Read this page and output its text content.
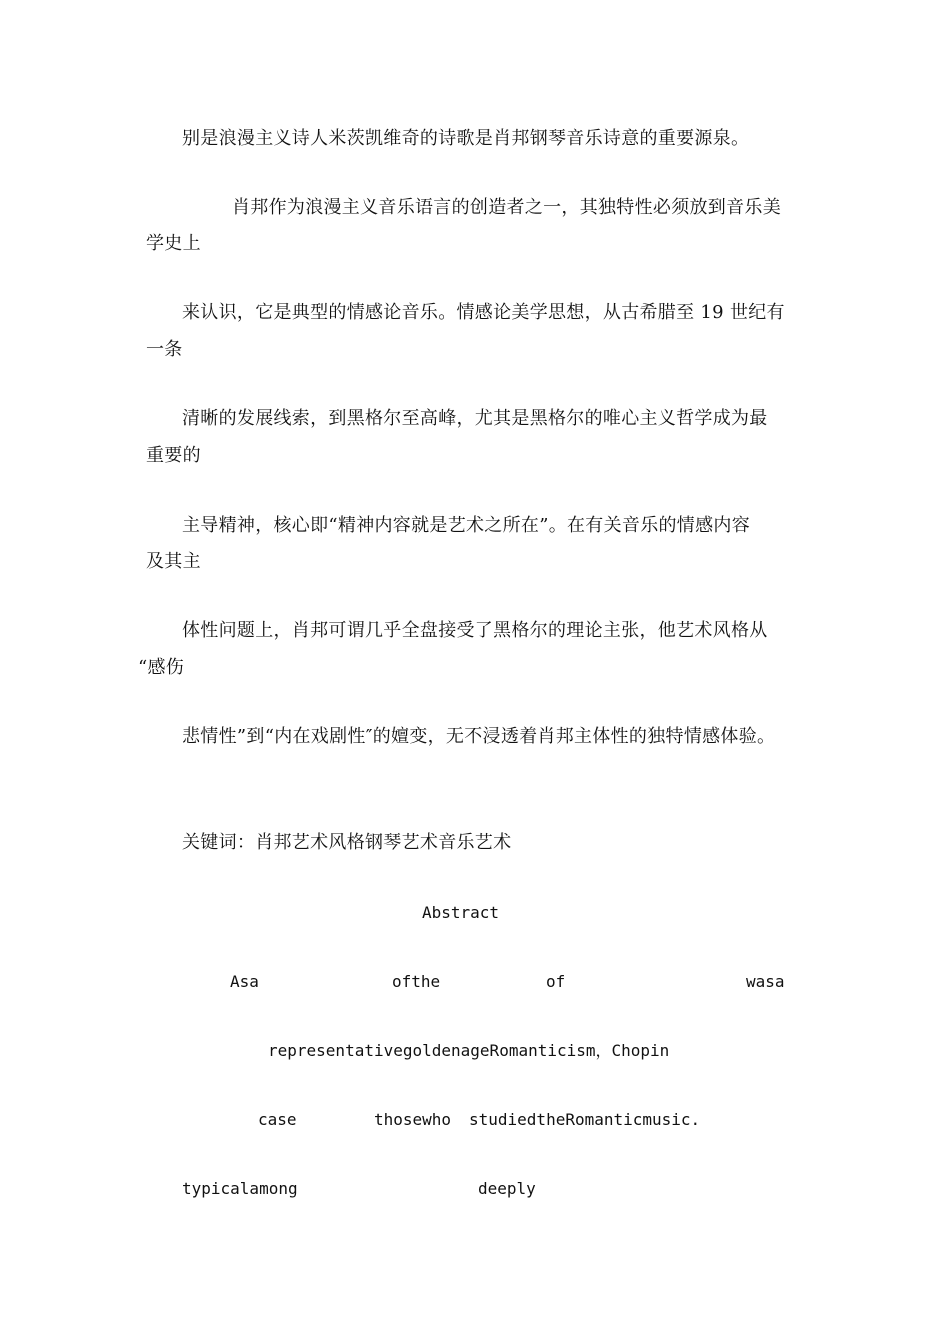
别是浪漫主义诗人米茨凯维奇的诗歌是肖邦钢琴音乐诗意的重要源泉。
肖邦作为浪漫主义音乐语言的创造者之一，其独特性必须放到音乐美
学史上
来认识，它是典型的情感论音乐。情感论美学思想，从古希腊至 19 世纪有
一条
清晰的发展线索，到黑格尔至高峰，尤其是黑格尔的唯心主义哲学成为最
重要的
主导精神，核心即“精神内容就是艺术之所在”。在有关音乐的情感内容
及其主
体性问题上，肖邦可谓几乎全盘接受了黑格尔的理论主张，他艺术风格从
“感伤
悲情性”到“内在戏剧性″的嬗变，无不浸透着肖邦主体性的独特情感体验。
关键词：肖邦艺术风格钢琴艺术音乐艺术
Abstract
Asa	ofthe	of	wasa
representativegoldenageRomanticism，Chopin
case	thosewho studiedtheRomanticmusic.
typicalamong	deeply
